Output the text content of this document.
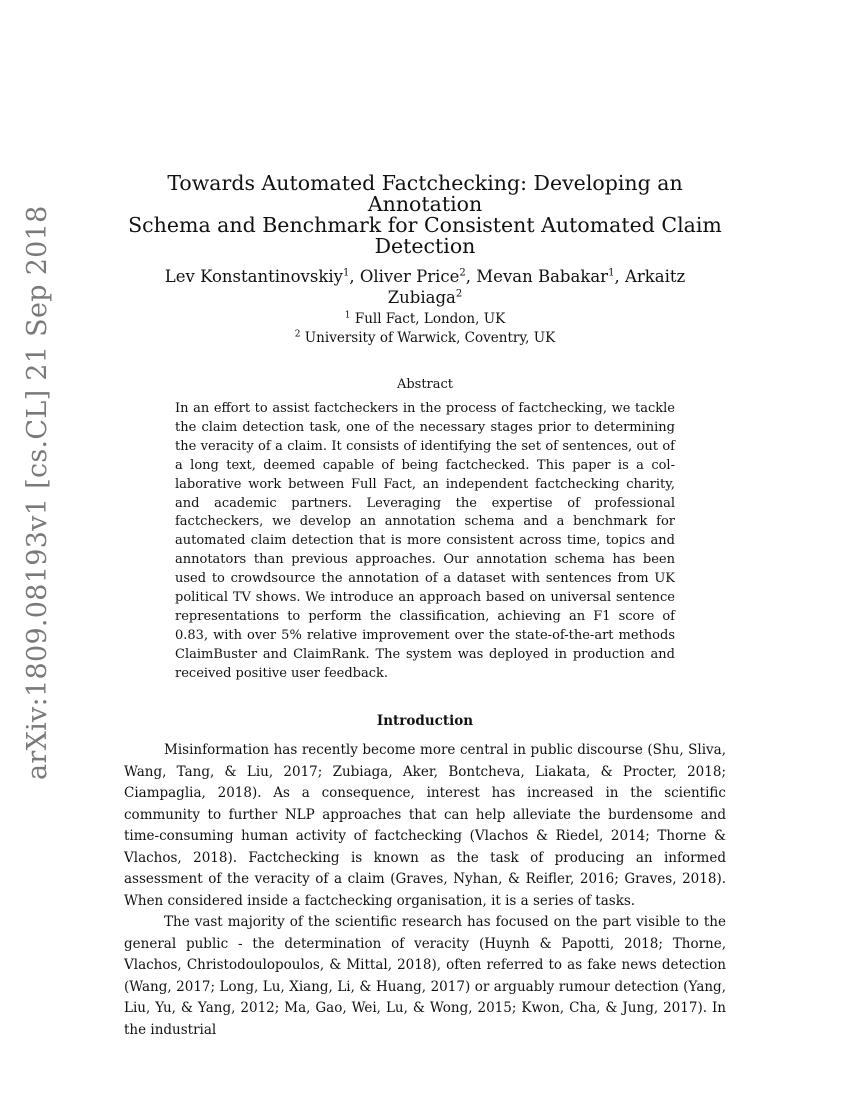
arXiv:1809.08193v1 [cs.CL] 21 Sep 2018
Towards Automated Factchecking: Developing an Annotation
Schema and Benchmark for Consistent Automated Claim
Detection
Lev Konstantinovskiy$^1$, Oliver Price$^2$, Mevan Babakar$^1$, Arkaitz
Zubiaga$^2$
$^1$ Full Fact, London, UK
$^2$ University of Warwick, Coventry, UK
Abstract
In an effort to assist factcheckers in the process of factchecking, we tackle the claim detection task, one of the necessary stages prior to determining the veracity of a claim. It consists of identifying the set of sentences, out of a long text, deemed capable of being factchecked. This paper is a collaborative work between Full Fact, an independent factchecking charity, and academic partners. Leveraging the expertise of professional factcheckers, we develop an annotation schema and a benchmark for automated claim detection that is more consistent across time, topics and annotators than previous approaches. Our annotation schema has been used to crowdsource the annotation of a dataset with sentences from UK political TV shows. We introduce an approach based on universal sentence representations to perform the classification, achieving an F1 score of 0.83, with over 5% relative improvement over the state-of-the-art methods ClaimBuster and ClaimRank. The system was deployed in production and received positive user feedback.
Introduction

Misinformation has recently become more central in public discourse (Shu, Sliva, Wang, Tang, & Liu, 2017; Zubiaga, Aker, Bontcheva, Liakata, & Procter, 2018; Ciampaglia, 2018). As a consequence, interest has increased in the scientific community to further NLP approaches that can help alleviate the burdensome and time-consuming human activity of factchecking (Vlachos & Riedel, 2014; Thorne & Vlachos, 2018). Factchecking is known as the task of producing an informed assessment of the veracity of a claim (Graves, Nyhan, & Reifler, 2016; Graves, 2018). When considered inside a factchecking organisation, it is a series of tasks.

The vast majority of the scientific research has focused on the part visible to the general public - the determination of veracity (Huynh & Papotti, 2018; Thorne, Vlachos, Christodoulopoulos, & Mittal, 2018), often referred to as fake news detection (Wang, 2017; Long, Lu, Xiang, Li, & Huang, 2017) or arguably rumour detection (Yang, Liu, Yu, & Yang, 2012; Ma, Gao, Wei, Lu, & Wong, 2015; Kwon, Cha, & Jung, 2017). In the industrial
